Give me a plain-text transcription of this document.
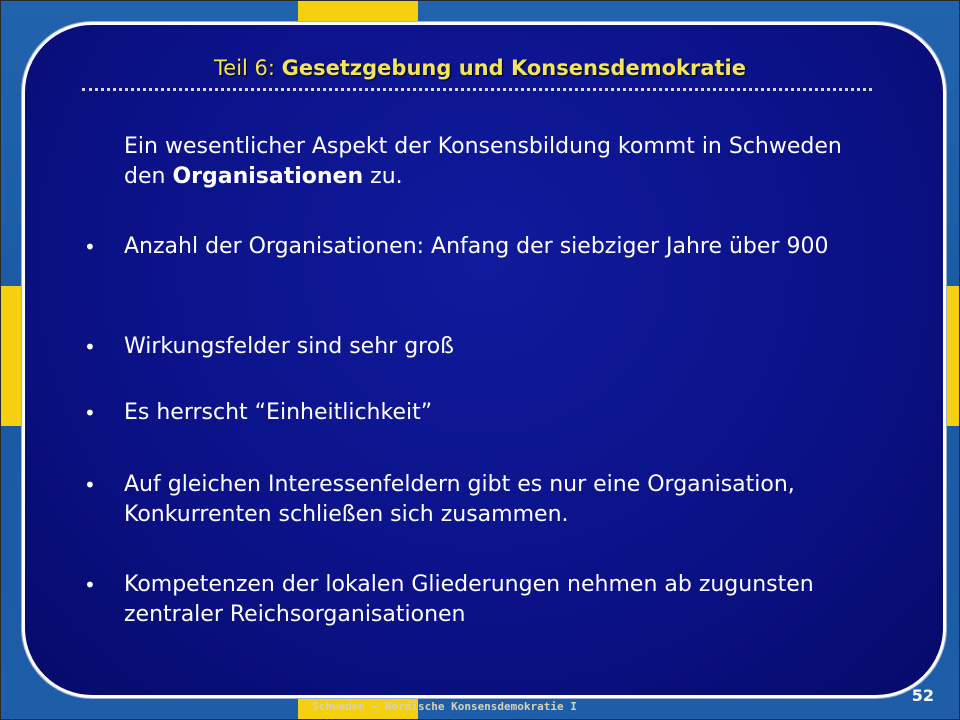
Teil 6: Gesetzgebung und Konsensdemokratie
Ein wesentlicher Aspekt der Konsensbildung kommt in Schweden den Organisationen zu.
• Anzahl der Organisationen: Anfang der siebziger Jahre über 900
• Wirkungsfelder sind sehr groß
• Es herrscht “Einheitlichkeit”
• Auf gleichen Interessenfeldern gibt es nur eine Organisation, Konkurrenten schließen sich zusammen.
• Kompetenzen der lokalen Gliederungen nehmen ab zugunsten zentraler Reichsorganisationen
Schweden – Nordische Konsensdemokratie I
52
